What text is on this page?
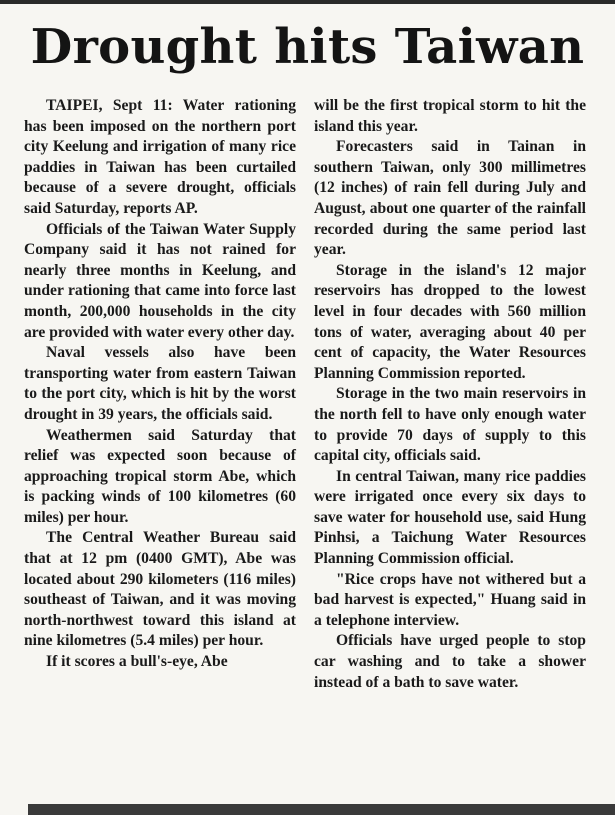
Drought hits Taiwan

TAIPEI, Sept 11: Water rationing has been imposed on the northern port city Keelung and irrigation of many rice paddies in Taiwan has been curtailed because of a severe drought, officials said Saturday, reports AP.

Officials of the Taiwan Water Supply Company said it has not rained for nearly three months in Keelung, and under rationing that came into force last month, 200,000 households in the city are provided with water every other day.

Naval vessels also have been transporting water from eastern Taiwan to the port city, which is hit by the worst drought in 39 years, the officials said.

Weathermen said Saturday that relief was expected soon because of approaching tropical storm Abe, which is packing winds of 100 kilometres (60 miles) per hour.

The Central Weather Bureau said that at 12 pm (0400 GMT), Abe was located about 290 kilometers (116 miles) southeast of Taiwan, and it was moving north-northwest toward this island at nine kilometres (5.4 miles) per hour.

If it scores a bull's-eye, Abe

will be the first tropical storm to hit the island this year.

Forecasters said in Tainan in southern Taiwan, only 300 millimetres (12 inches) of rain fell during July and August, about one quarter of the rainfall recorded during the same period last year.

Storage in the island's 12 major reservoirs has dropped to the lowest level in four decades with 560 million tons of water, averaging about 40 per cent of capacity, the Water Resources Planning Commission reported.

Storage in the two main reservoirs in the north fell to have only enough water to provide 70 days of supply to this capital city, officials said.

In central Taiwan, many rice paddies were irrigated once every six days to save water for household use, said Hung Pinhsi, a Taichung Water Resources Planning Commission official.

"Rice crops have not withered but a bad harvest is expected," Huang said in a telephone interview.

Officials have urged people to stop car washing and to take a shower instead of a bath to save water.
